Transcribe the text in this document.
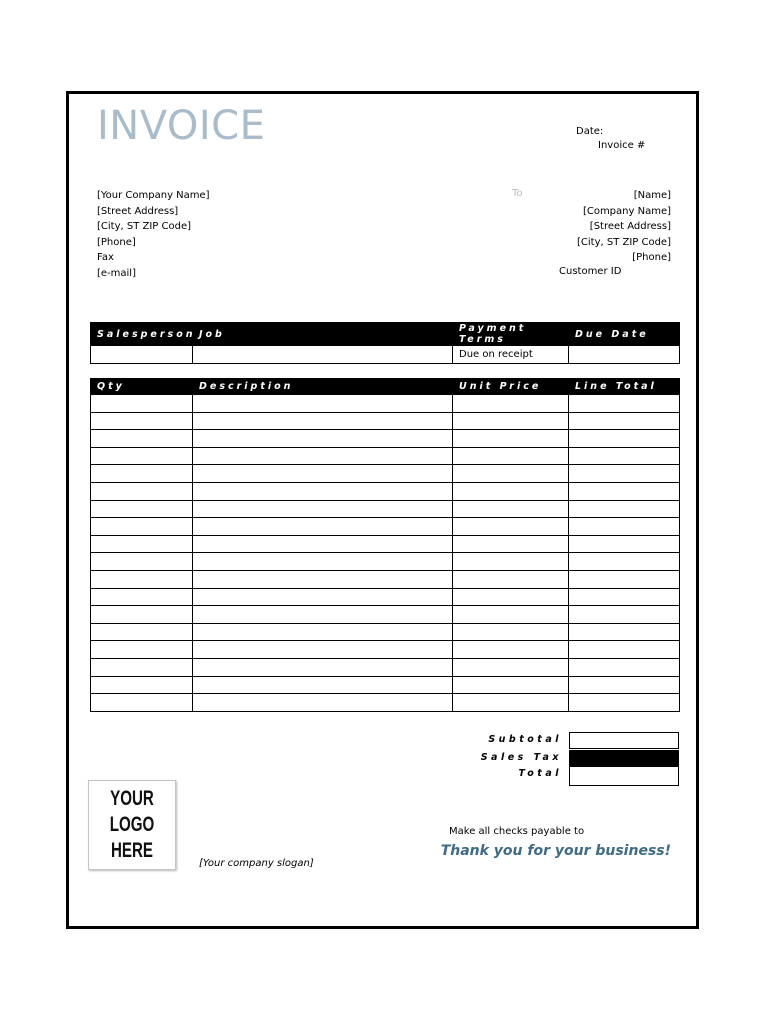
INVOICE	Date:
Invoice #
[Your Company Name]
[Street Address]
[City, ST ZIP Code]
[Phone]
Fax
[e-mail]
To	[Name]
[Company Name]
[Street Address]
[City, ST ZIP Code]
[Phone]
Customer ID
Salesperson	Job	Payment Terms	Due Date
		Due on receipt	
Qty	Description	Unit Price	Line Total

Subtotal
Sales Tax
Total
YOUR LOGO
HERE
[Your company slogan]
Make all checks payable to
Thank you for your business!
